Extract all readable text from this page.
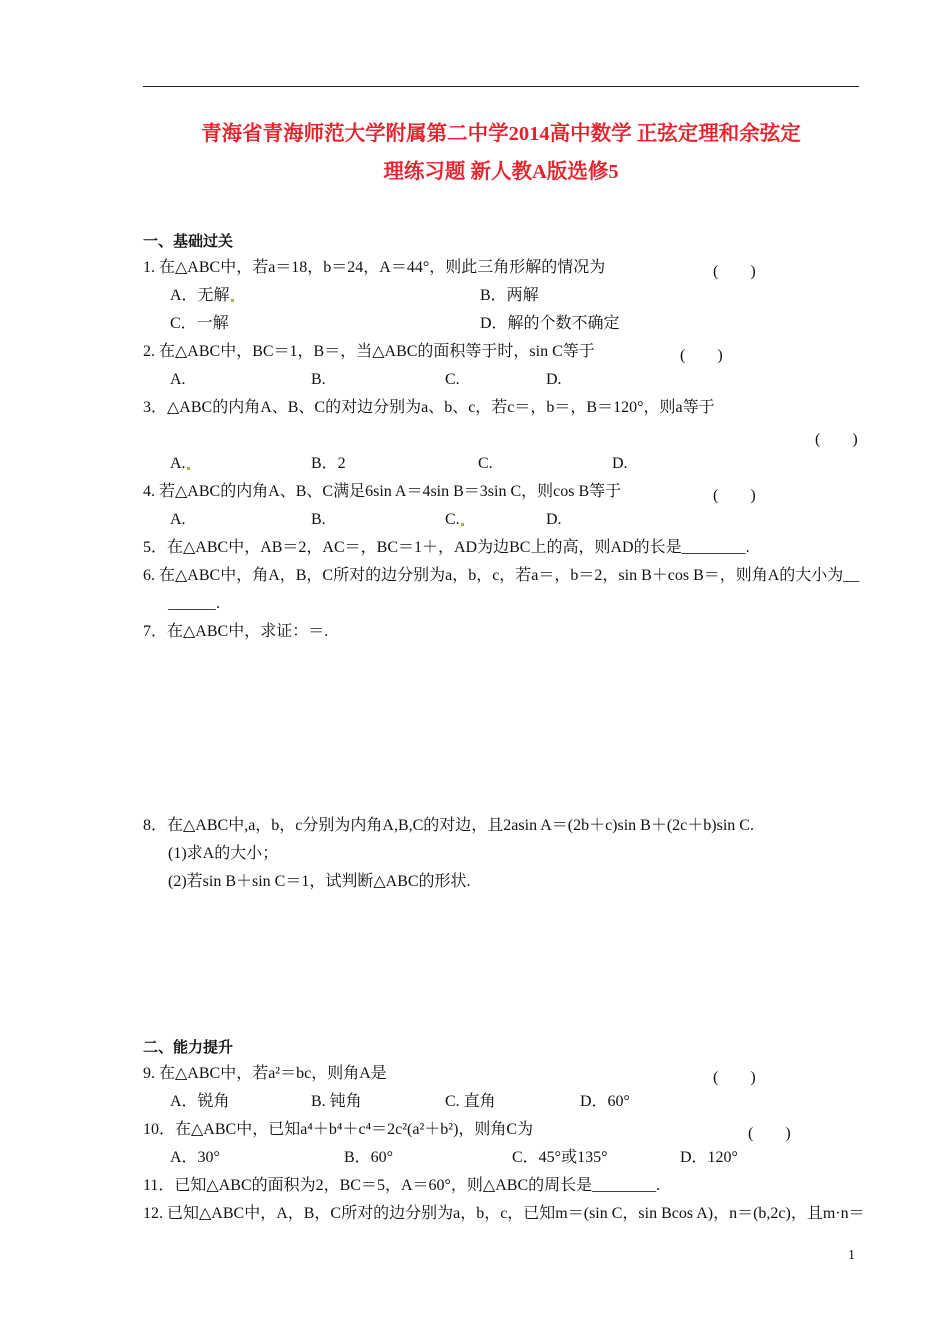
青海省青海师范大学附属第二中学2014高中数学 正弦定理和余弦定
理练习题 新人教A版选修5
一、基础过关
1. 在△ABC中，若a＝18，b＝24，A＝44°，则此三角形解的情况为	(　　)
A．无解	B．两解
C．一解	D．解的个数不确定
2. 在△ABC中，BC＝1，B＝，当△ABC的面积等于时，sin C等于	(　　)
A.	B.	C.	D.
3．△ABC的内角A、B、C的对边分别为a、b、c，若c＝，b＝，B＝120°，则a等于
(　　)
A.	B．2	C.	D.
4. 若△ABC的内角A、B、C满足6sin A＝4sin B＝3sin C，则cos B等于	(　　)
A.	B.	C.	D.
5．在△ABC中，AB＝2，AC＝，BC＝1＋，AD为边BC上的高，则AD的长是________.
6. 在△ABC中，角A，B，C所对的边分别为a，b，c，若a＝，b＝2，sin B＋cos B＝，则角A的大小为__
______.
7．在△ABC中，求证：＝.
8．在△ABC中,a，b，c分别为内角A,B,C的对边，且2asin A＝(2b＋c)sin B＋(2c＋b)sin C.
(1)求A的大小；
(2)若sin B＋sin C＝1，试判断△ABC的形状.
二、能力提升
9. 在△ABC中，若a²＝bc，则角A是	(　　)
A．锐角	B. 钝角	C. 直角	D．60°
10．在△ABC中，已知a⁴＋b⁴＋c⁴＝2c²(a²＋b²)，则角C为	(　　)
A．30°	B．60°	C．45°或135°	D．120°
11．已知△ABC的面积为2，BC＝5，A＝60°，则△ABC的周长是________.
12. 已知△ABC中，A，B，C所对的边分别为a，b，c，已知m＝(sin C，sin Bcos A)，n＝(b,2c)，且m·n＝
1
